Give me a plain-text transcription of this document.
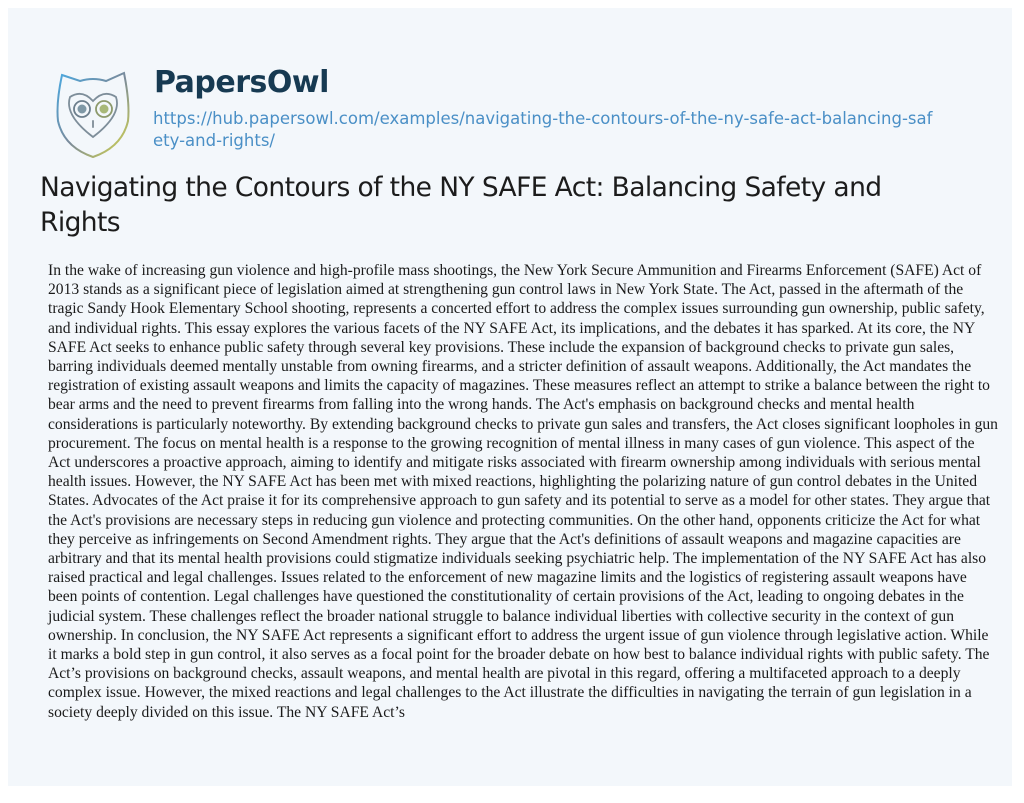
PapersOwl
https://hub.papersowl.com/examples/navigating-the-contours-of-the-ny-safe-act-balancing-safety-and-rights/
Navigating the Contours of the NY SAFE Act: Balancing Safety and Rights

In the wake of increasing gun violence and high-profile mass shootings, the New York Secure Ammunition and Firearms Enforcement (SAFE) Act of 2013 stands as a significant piece of legislation aimed at strengthening gun control laws in New York State. The Act, passed in the aftermath of the tragic Sandy Hook Elementary School shooting, represents a concerted effort to address the complex issues surrounding gun ownership, public safety, and individual rights. This essay explores the various facets of the NY SAFE Act, its implications, and the debates it has sparked. At its core, the NY SAFE Act seeks to enhance public safety through several key provisions. These include the expansion of background checks to private gun sales, barring individuals deemed mentally unstable from owning firearms, and a stricter definition of assault weapons. Additionally, the Act mandates the registration of existing assault weapons and limits the capacity of magazines. These measures reflect an attempt to strike a balance between the right to bear arms and the need to prevent firearms from falling into the wrong hands. The Act's emphasis on background checks and mental health considerations is particularly noteworthy. By extending background checks to private gun sales and transfers, the Act closes significant loopholes in gun procurement. The focus on mental health is a response to the growing recognition of mental illness in many cases of gun violence. This aspect of the Act underscores a proactive approach, aiming to identify and mitigate risks associated with firearm ownership among individuals with serious mental health issues. However, the NY SAFE Act has been met with mixed reactions, highlighting the polarizing nature of gun control debates in the United States. Advocates of the Act praise it for its comprehensive approach to gun safety and its potential to serve as a model for other states. They argue that the Act's provisions are necessary steps in reducing gun violence and protecting communities. On the other hand, opponents criticize the Act for what they perceive as infringements on Second Amendment rights. They argue that the Act's definitions of assault weapons and magazine capacities are arbitrary and that its mental health provisions could stigmatize individuals seeking psychiatric help. The implementation of the NY SAFE Act has also raised practical and legal challenges. Issues related to the enforcement of new magazine limits and the logistics of registering assault weapons have been points of contention. Legal challenges have questioned the constitutionality of certain provisions of the Act, leading to ongoing debates in the judicial system. These challenges reflect the broader national struggle to balance individual liberties with collective security in the context of gun ownership. In conclusion, the NY SAFE Act represents a significant effort to address the urgent issue of gun violence through legislative action. While it marks a bold step in gun control, it also serves as a focal point for the broader debate on how best to balance individual rights with public safety. The Act’s provisions on background checks, assault weapons, and mental health are pivotal in this regard, offering a multifaceted approach to a deeply complex issue. However, the mixed reactions and legal challenges to the Act illustrate the difficulties in navigating the terrain of gun legislation in a society deeply divided on this issue. The NY SAFE Act’s
